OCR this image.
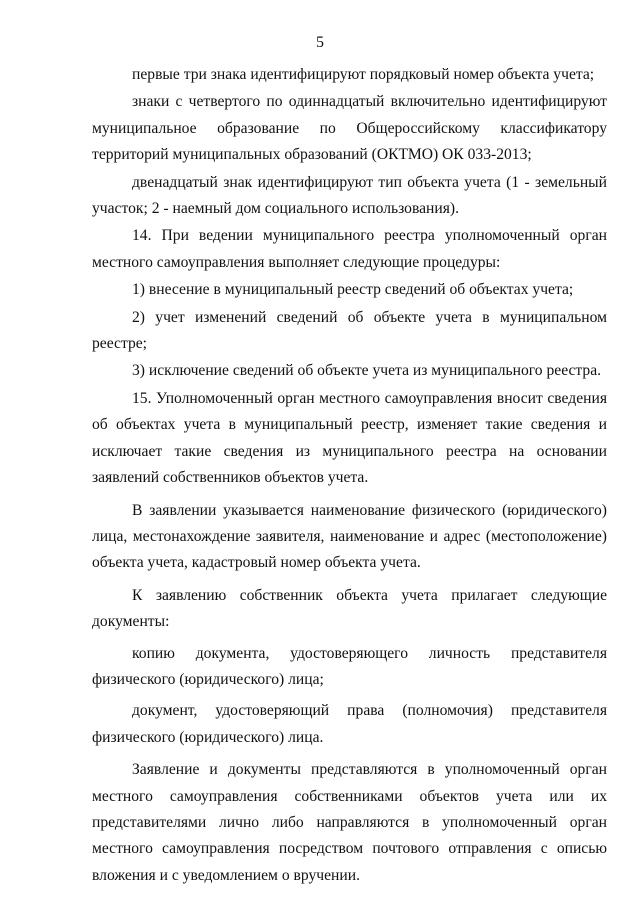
5

первые три знака идентифицируют порядковый номер объекта учета;

знаки с четвертого по одиннадцатый включительно идентифицируют муниципальное образование по Общероссийскому классификатору территорий муниципальных образований (ОКТМО) ОК 033-2013;

двенадцатый знак идентифицируют тип объекта учета (1 - земельный участок; 2 - наемный дом социального использования).

14. При ведении муниципального реестра уполномоченный орган местного самоуправления выполняет следующие процедуры:

1) внесение в муниципальный реестр сведений об объектах учета;

2) учет изменений сведений об объекте учета в муниципальном реестре;

3) исключение сведений об объекте учета из муниципального реестра.

15. Уполномоченный орган местного самоуправления вносит сведения об объектах учета в муниципальный реестр, изменяет такие сведения и исключает такие сведения из муниципального реестра на основании заявлений собственников объектов учета.

В заявлении указывается наименование физического (юридического) лица, местонахождение заявителя, наименование и адрес (местоположение) объекта учета, кадастровый номер объекта учета.

К заявлению собственник объекта учета прилагает следующие документы:

копию документа, удостоверяющего личность представителя физического (юридического) лица;

документ, удостоверяющий права (полномочия) представителя физического (юридического) лица.

Заявление и документы представляются в уполномоченный орган местного самоуправления собственниками объектов учета или их представителями лично либо направляются в уполномоченный орган местного самоуправления посредством почтового отправления с описью вложения и с уведомлением о вручении.
